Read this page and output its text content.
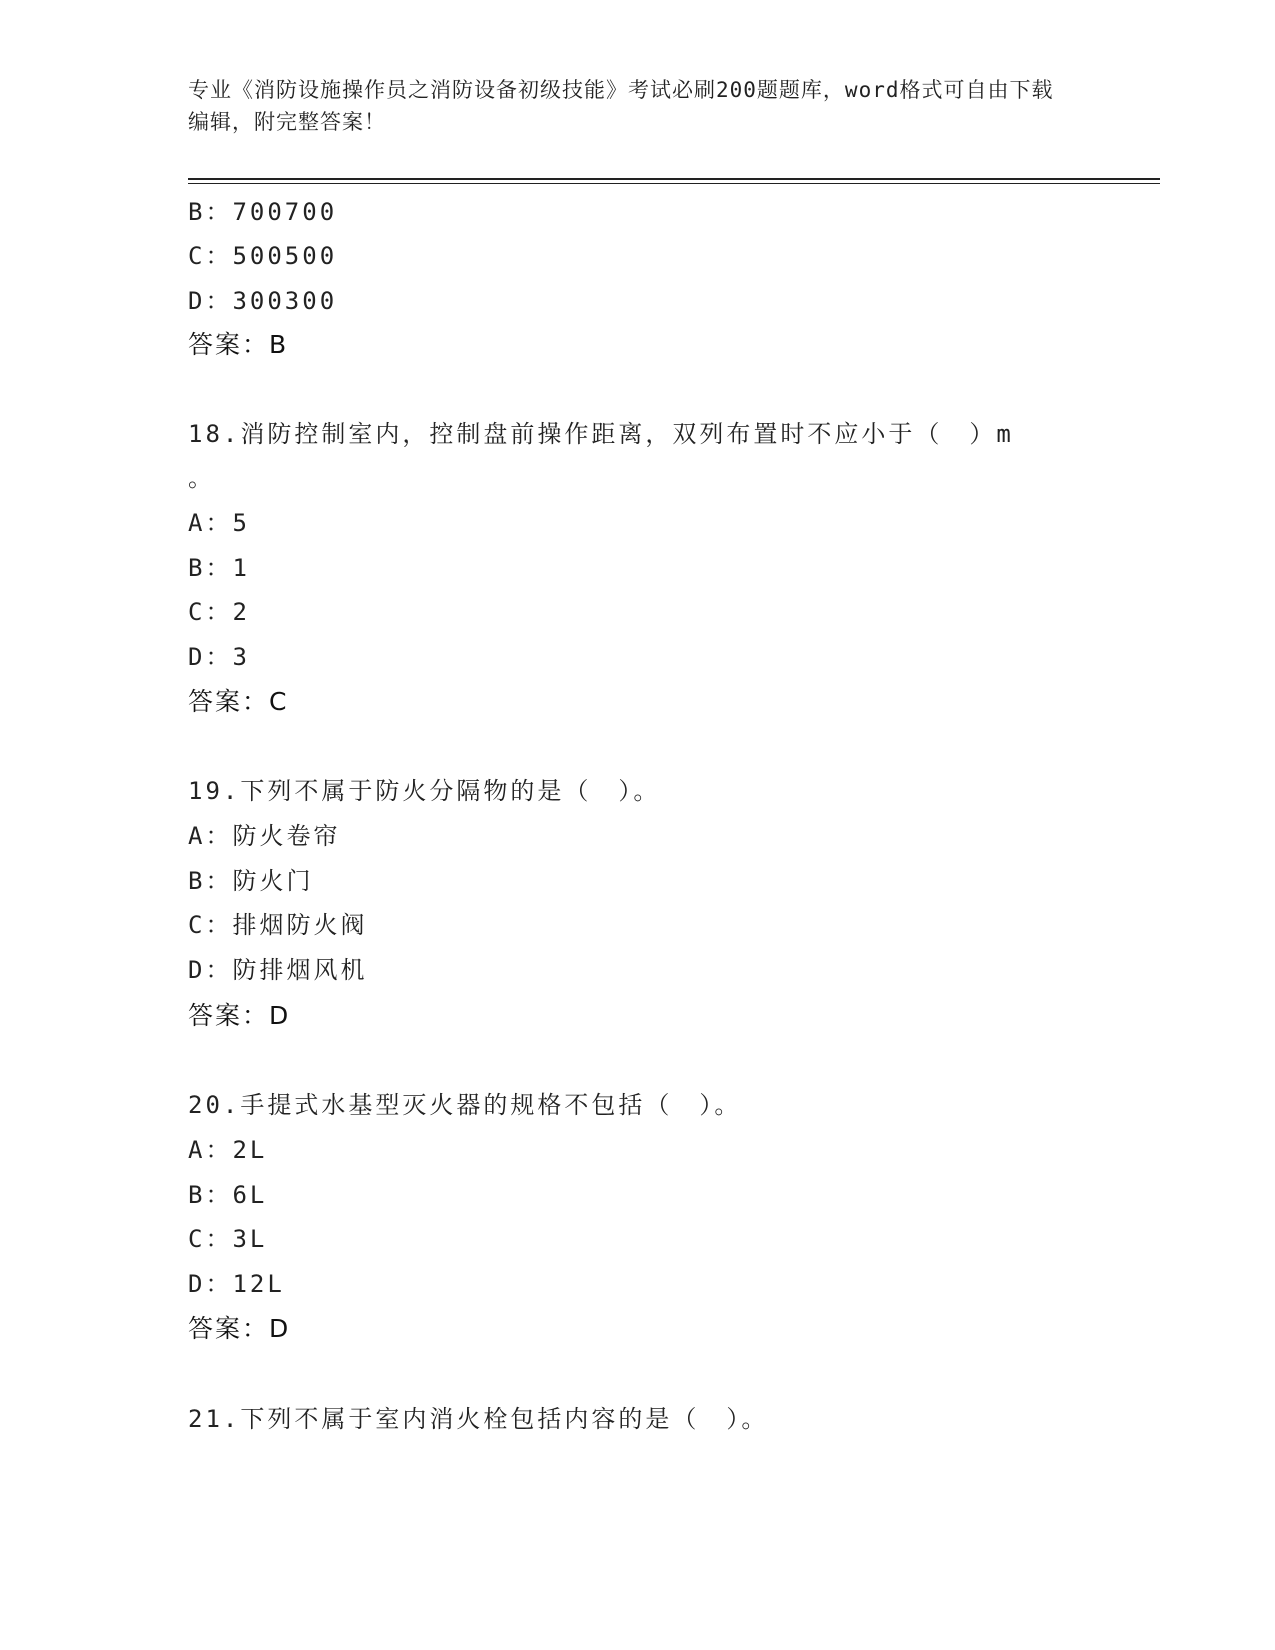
专业《消防设施操作员之消防设备初级技能》考试必刷200题题库，word格式可自由下载编辑，附完整答案！
B：700700
C：500500
D：300300
答案：B
18.消防控制室内，控制盘前操作距离，双列布置时不应小于（　）m
。
A：5
B：1
C：2
D：3
答案：C
19.下列不属于防火分隔物的是（　）。
A：防火卷帘
B：防火门
C：排烟防火阀
D：防排烟风机
答案：D
20.手提式水基型灭火器的规格不包括（　）。
A：2L
B：6L
C：3L
D：12L
答案：D
21.下列不属于室内消火栓包括内容的是（　）。
